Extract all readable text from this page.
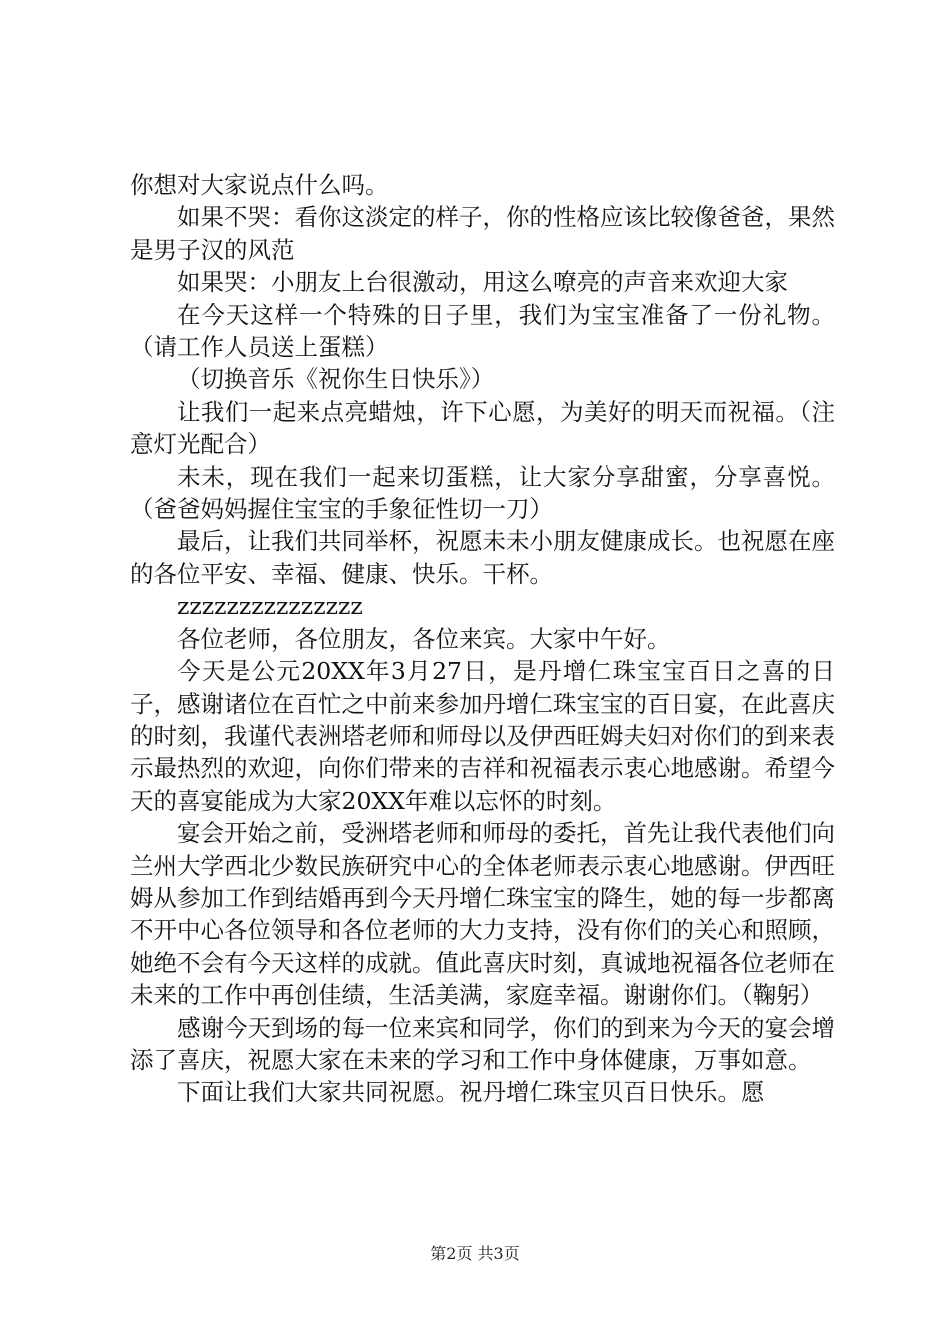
你想对大家说点什么吗。

如果不哭：看你这淡定的样子，你的性格应该比较像爸爸，果然是男子汉的风范

如果哭：小朋友上台很激动，用这么嘹亮的声音来欢迎大家

在今天这样一个特殊的日子里，我们为宝宝准备了一份礼物。（请工作人员送上蛋糕）

（切换音乐《祝你生日快乐》）

让我们一起来点亮蜡烛，许下心愿，为美好的明天而祝福。（注意灯光配合）

未未，现在我们一起来切蛋糕，让大家分享甜蜜，分享喜悦。（爸爸妈妈握住宝宝的手象征性切一刀）

最后，让我们共同举杯，祝愿未未小朋友健康成长。也祝愿在座的各位平安、幸福、健康、快乐。干杯。

zzzzzzzzzzzzzzz

各位老师，各位朋友，各位来宾。大家中午好。

今天是公元20XX年3月27日，是丹增仁珠宝宝百日之喜的日子，感谢诸位在百忙之中前来参加丹增仁珠宝宝的百日宴，在此喜庆的时刻，我谨代表洲塔老师和师母以及伊西旺姆夫妇对你们的到来表示最热烈的欢迎，向你们带来的吉祥和祝福表示衷心地感谢。希望今天的喜宴能成为大家20XX年难以忘怀的时刻。

宴会开始之前，受洲塔老师和师母的委托，首先让我代表他们向兰州大学西北少数民族研究中心的全体老师表示衷心地感谢。伊西旺姆从参加工作到结婚再到今天丹增仁珠宝宝的降生，她的每一步都离不开中心各位领导和各位老师的大力支持，没有你们的关心和照顾，她绝不会有今天这样的成就。值此喜庆时刻，真诚地祝福各位老师在未来的工作中再创佳绩，生活美满，家庭幸福。谢谢你们。（鞠躬）

感谢今天到场的每一位来宾和同学，你们的到来为今天的宴会增添了喜庆，祝愿大家在未来的学习和工作中身体健康，万事如意。

下面让我们大家共同祝愿。祝丹增仁珠宝贝百日快乐。愿

第2页 共3页
